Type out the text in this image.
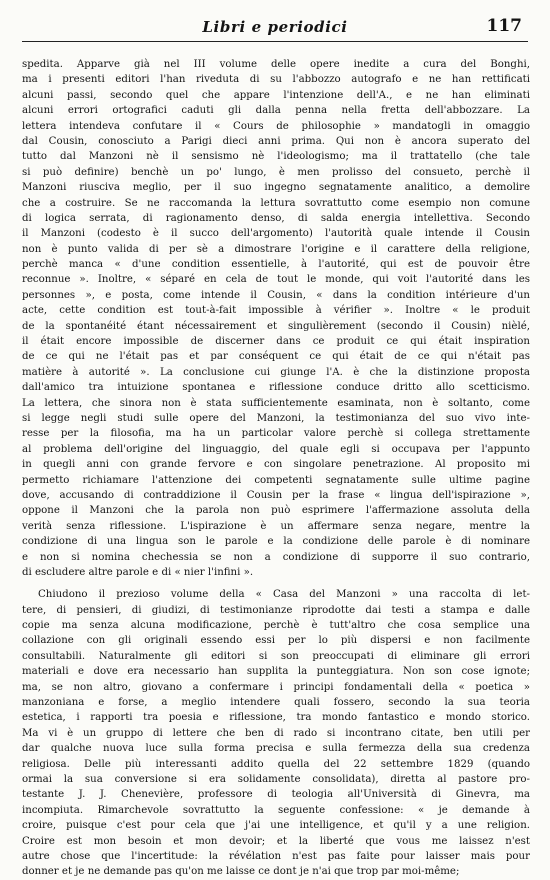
Libri e periodici	117
spedita. Apparve già nel III volume delle opere inedite a cura del Bonghi,
ma i presenti editori l'han riveduta di su l'abbozzo autografo e ne han rettificati
alcuni passi, secondo quel che appare l'intenzione dell'A., e ne han eliminati
alcuni errori ortografici caduti gli dalla penna nella fretta dell'abbozzare. La
lettera intendeva confutare il « Cours de philosophie » mandatogli in omaggio
dal Cousin, conosciuto a Parigi dieci anni prima. Qui non è ancora superato del
tutto dal Manzoni nè il sensismo nè l'ideologismo; ma il trattatello (che tale
si può definire) benchè un po' lungo, è men prolisso del consueto, perchè il
Manzoni riusciva meglio, per il suo ingegno segnatamente analitico, a demolire
che a costruire. Se ne raccomanda la lettura sovrattutto come esempio non comune
di logica serrata, di ragionamento denso, di salda energia intellettiva. Secondo
il Manzoni (codesto è il succo dell'argomento) l'autorità quale intende il Cousin
non è punto valida di per sè a dimostrare l'origine e il carattere della religione,
perchè manca « d'une condition essentielle, à l'autorité, qui est de pouvoir être
reconnue ». Inoltre, « séparé en cela de tout le monde, qui voit l'autorité dans les
personnes », e posta, come intende il Cousin, « dans la condition intérieure d'un
acte, cette condition est tout-à-fait impossible à vérifier ». Inoltre « le produit
de la spontanéité étant nécessairement et singulièrement (secondo il Cousin) nièlé,
il était encore impossible de discerner dans ce produit ce qui était inspiration
de ce qui ne l'était pas et par conséquent ce qui était de ce qui n'était pas
matière à autorité ». La conclusione cui giunge l'A. è che la distinzione proposta
dall'amico tra intuizione spontanea e riflessione conduce dritto allo scetticismo.
La lettera, che sinora non è stata sufficientemente esaminata, non è soltanto, come
si legge negli studi sulle opere del Manzoni, la testimonianza del suo vivo inte-
resse per la filosofia, ma ha un particolar valore perchè si collega strettamente
al problema dell'origine del linguaggio, del quale egli si occupava per l'appunto
in quegli anni con grande fervore e con singolare penetrazione. Al proposito mi
permetto richiamare l'attenzione dei competenti segnatamente sulle ultime pagine
dove, accusando di contraddizione il Cousin per la frase « lingua dell'ispirazione »,
oppone il Manzoni che la parola non può esprimere l'affermazione assoluta della
verità senza riflessione. L'ispirazione è un affermare senza negare, mentre la
condizione di una lingua son le parole e la condizione delle parole è di nominare
e non si nomina chechessia se non a condizione di supporre il suo contrario,
di escludere altre parole e di « nier l'infini ».
Chiudono il prezioso volume della « Casa del Manzoni » una raccolta di let-
tere, di pensieri, di giudizi, di testimonianze riprodotte dai testi a stampa e dalle
copie ma senza alcuna modificazione, perchè è tutt'altro che cosa semplice una
collazione con gli originali essendo essi per lo più dispersi e non facilmente
consultabili. Naturalmente gli editori si son preoccupati di eliminare gli errori
materiali e dove era necessario han supplita la punteggiatura. Non son cose ignote;
ma, se non altro, giovano a confermare i principi fondamentali della « poetica »
manzoniana e forse, a meglio intendere quali fossero, secondo la sua teoria
estetica, i rapporti tra poesia e riflessione, tra mondo fantastico e mondo storico.
Ma vi è un gruppo di lettere che ben di rado si incontrano citate, ben utili per
dar qualche nuova luce sulla forma precisa e sulla fermezza della sua credenza
religiosa. Delle più interessanti addito quella del 22 settembre 1829 (quando
ormai la sua conversione si era solidamente consolidata), diretta al pastore pro-
testante J. J. Chenevière, professore di teologia all'Università di Ginevra, ma
incompiuta. Rimarchevole sovrattutto la seguente confessione: « je demande à
croire, puisque c'est pour cela que j'ai une intelligence, et qu'il y a une religion.
Croire est mon besoin et mon devoir; et la liberté que vous me laissez n'est
autre chose que l'incertitude: la révélation n'est pas faite pour laisser mais pour
donner et je ne demande pas qu'on me laisse ce dont je n'ai que trop par moi-même;
